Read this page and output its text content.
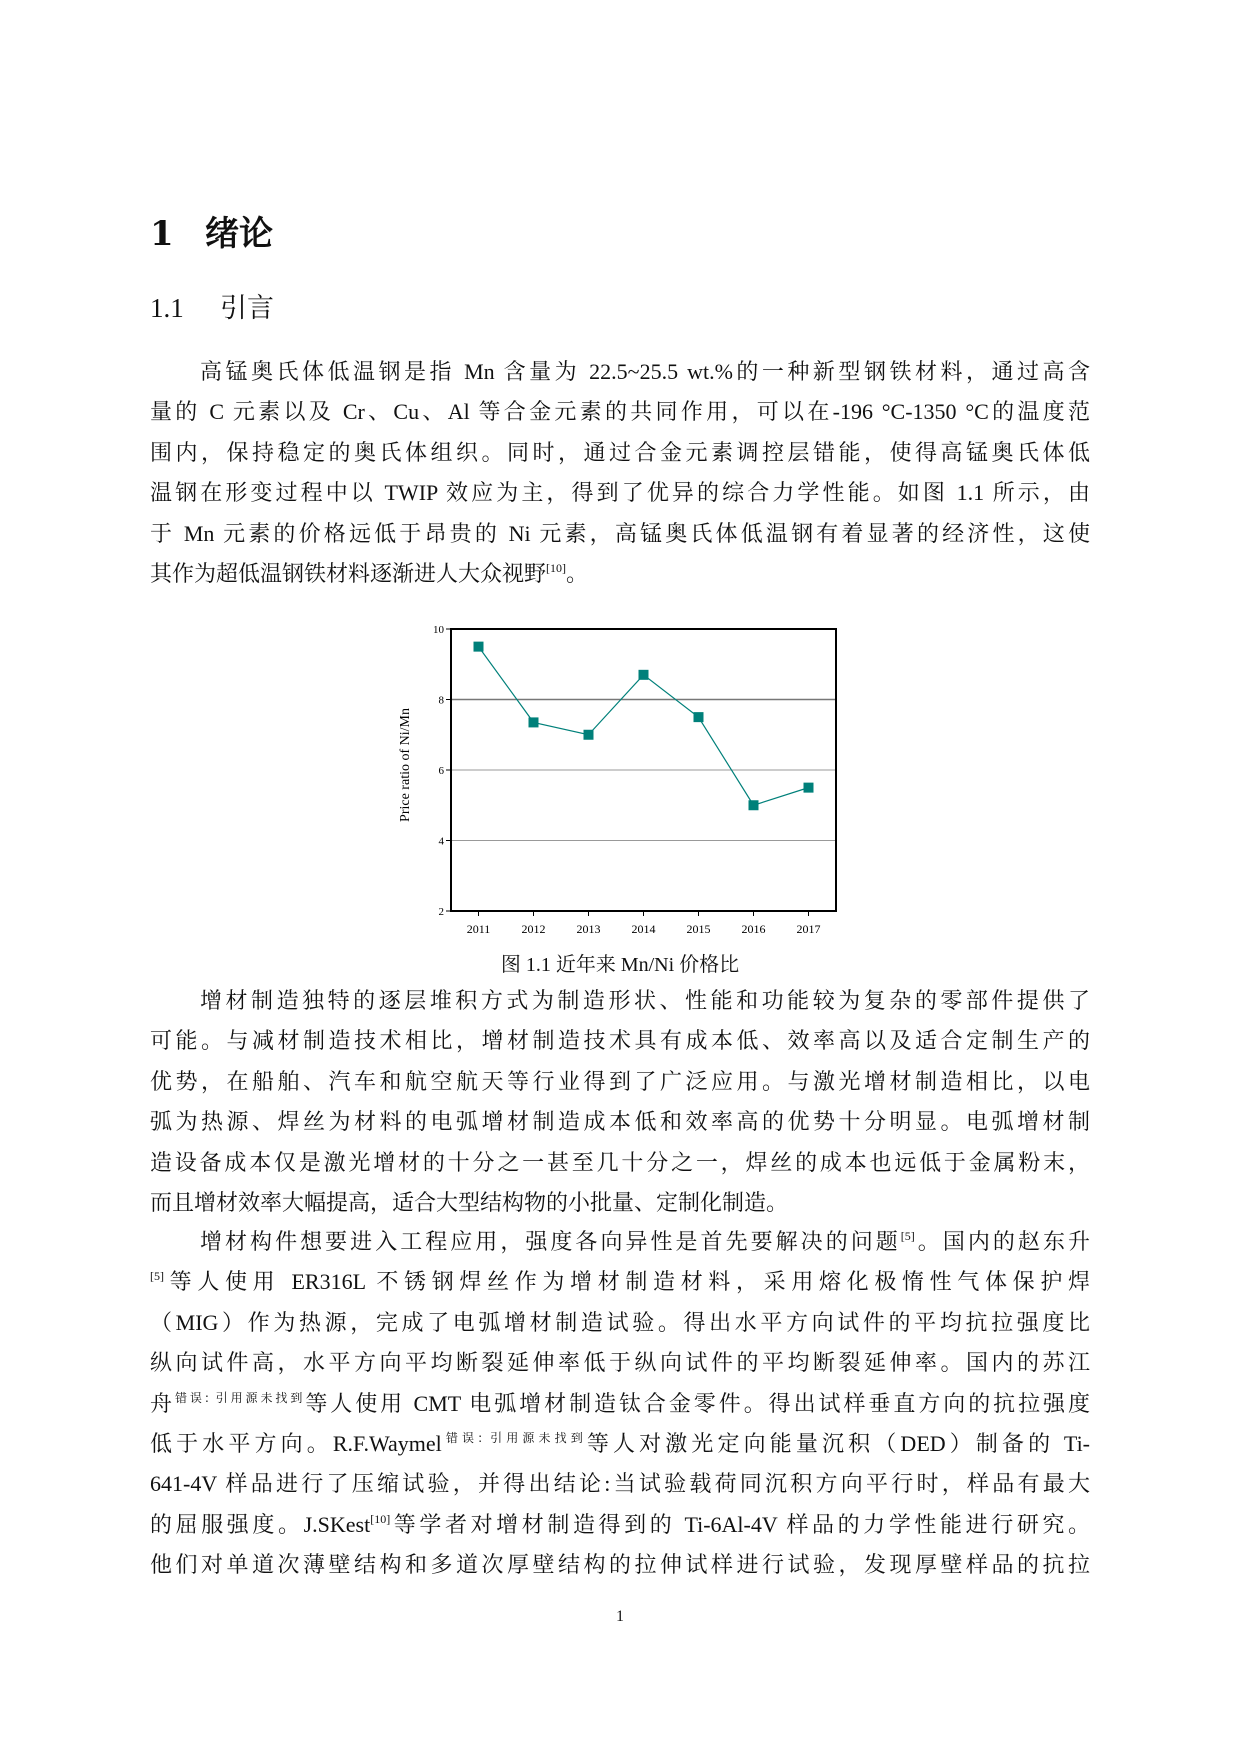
1 绪论
1.1 引言
高锰奥氏体低温钢是指 Mn 含量为 22.5~25.5 wt.%的一种新型钢铁材料，通过高含
量的 C 元素以及 Cr、Cu、Al 等合金元素的共同作用，可以在-196 °C-1350 °C的温度范
围内，保持稳定的奥氏体组织。同时，通过合金元素调控层错能，使得高锰奥氏体低
温钢在形变过程中以 TWIP 效应为主，得到了优异的综合力学性能。如图 1.1 所示，由
于 Mn 元素的价格远低于昂贵的 Ni 元素，高锰奥氏体低温钢有着显著的经济性，这使
其作为超低温钢铁材料逐渐进人大众视野[10]。
2
4
6
8
10
2011	2012	2013	2014	2015	2016	2017
Price ratio of Ni/Mn
图 1.1 近年来 Mn/Ni 价格比
增材制造独特的逐层堆积方式为制造形状、性能和功能较为复杂的零部件提供了
可能。与减材制造技术相比，增材制造技术具有成本低、效率高以及适合定制生产的
优势，在船舶、汽车和航空航天等行业得到了广泛应用。与激光增材制造相比，以电
弧为热源、焊丝为材料的电弧增材制造成本低和效率高的优势十分明显。电弧增材制
造设备成本仅是激光增材的十分之一甚至几十分之一，焊丝的成本也远低于金属粉末，
而且增材效率大幅提高，适合大型结构物的小批量、定制化制造。
增材构件想要进入工程应用，强度各向异性是首先要解决的问题[5]。国内的赵东升
[5]等人使用 ER316L 不锈钢焊丝作为增材制造材料，采用熔化极惰性气体保护焊
（MIG）作为热源，完成了电弧增材制造试验。得出水平方向试件的平均抗拉强度比
纵向试件高，水平方向平均断裂延伸率低于纵向试件的平均断裂延伸率。国内的苏江
舟$^{错误: 引用源未找到}$等人使用 CMT 电弧增材制造钛合金零件。得出试样垂直方向的抗拉强度
低于水平方向。R.F.Waymel$^{错误: 引用源未找到}$等人对激光定向能量沉积（DED）制备的 Ti-
641-4V 样品进行了压缩试验，并得出结论:当试验载荷同沉积方向平行时，样品有最大
的屈服强度。J.SKest[10]等学者对增材制造得到的 Ti-6Al-4V 样品的力学性能进行研究。
他们对单道次薄壁结构和多道次厚壁结构的拉伸试样进行试验，发现厚壁样品的抗拉
1
